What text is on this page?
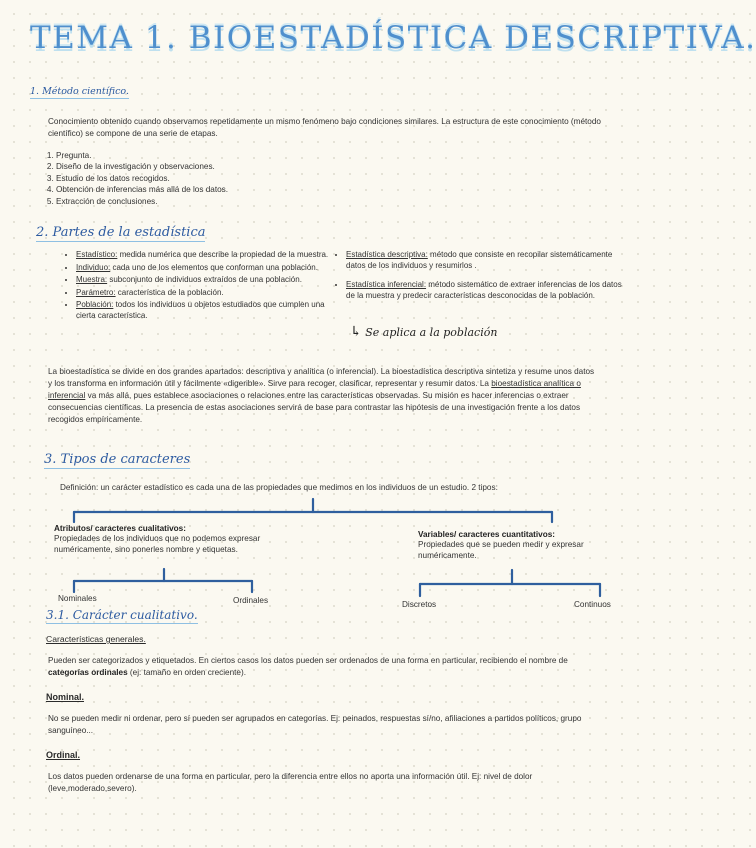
TEMA 1. BIOESTADÍSTICA DESCRIPTIVA.
1. Método científico.

Conocimiento obtenido cuando observamos repetidamente un mismo fenómeno bajo condiciones similares. La estructura de este conocimiento (método científico) se compone de una serie de etapas.

1. Pregunta.
2. Diseño de la investigación y observaciones.
3. Estudio de los datos recogidos.
4. Obtención de inferencias más allá de los datos.
5. Extracción de conclusiones.
2. Partes de la estadística
• Estadístico: medida numérica que describe la propiedad de la muestra.
• Individuo: cada uno de los elementos que conforman una población.
• Muestra: subconjunto de individuos extraídos de una población.
• Parámetro: característica de la población.
• Población: todos los individuos u objetos estudiados que cumplen una cierta característica.
• Estadística descriptiva: método que consiste en recopilar sistemáticamente datos de los individuos y resumirlos .
• Estadística inferencial: método sistemático de extraer inferencias de los datos de la muestra y predecir características desconocidas de la población.
↳ Se aplica a la población

La bioestadística se divide en dos grandes apartados: descriptiva y analítica (o inferencial). La bioestadística descriptiva sintetiza y resume unos datos y los transforma en información útil y fácilmente «digerible». Sirve para recoger, clasificar, representar y resumir datos. La bioestadística analítica o inferencial va más allá, pues establece asociaciones o relaciones entre las características observadas. Su misión es hacer inferencias o extraer consecuencias científicas. La presencia de estas asociaciones servirá de base para contrastar las hipótesis de una investigación frente a los datos recogidos empíricamente.

3. Tipos de caracteres

Definición: un carácter estadístico es cada una de las propiedades que medimos en los individuos de un estudio. 2 tipos:

Atributos/ caracteres cualitativos:
Propiedades de los individuos que no podemos expresar numéricamente, sino ponerles nombre y etiquetas.
Nominales	Ordinales
Variables/ caracteres cuantitativos:
Propiedades que se pueden medir y expresar numéricamente.
Discretos	Continuos
3.1. Carácter cualitativo.
Características generales.

Pueden ser categorizados y etiquetados. En ciertos casos los datos pueden ser ordenados de una forma en particular, recibiendo el nombre de categorías ordinales (ej: tamaño en orden creciente).

Nominal.

No se pueden medir ni ordenar, pero sí pueden ser agrupados en categorías. Ej: peinados, respuestas sí/no, afiliaciones a partidos políticos, grupo sanguíneo...

Ordinal.

Los datos pueden ordenarse de una forma en particular, pero la diferencia entre ellos no aporta una información útil. Ej: nivel de dolor (leve,moderado,severo).
